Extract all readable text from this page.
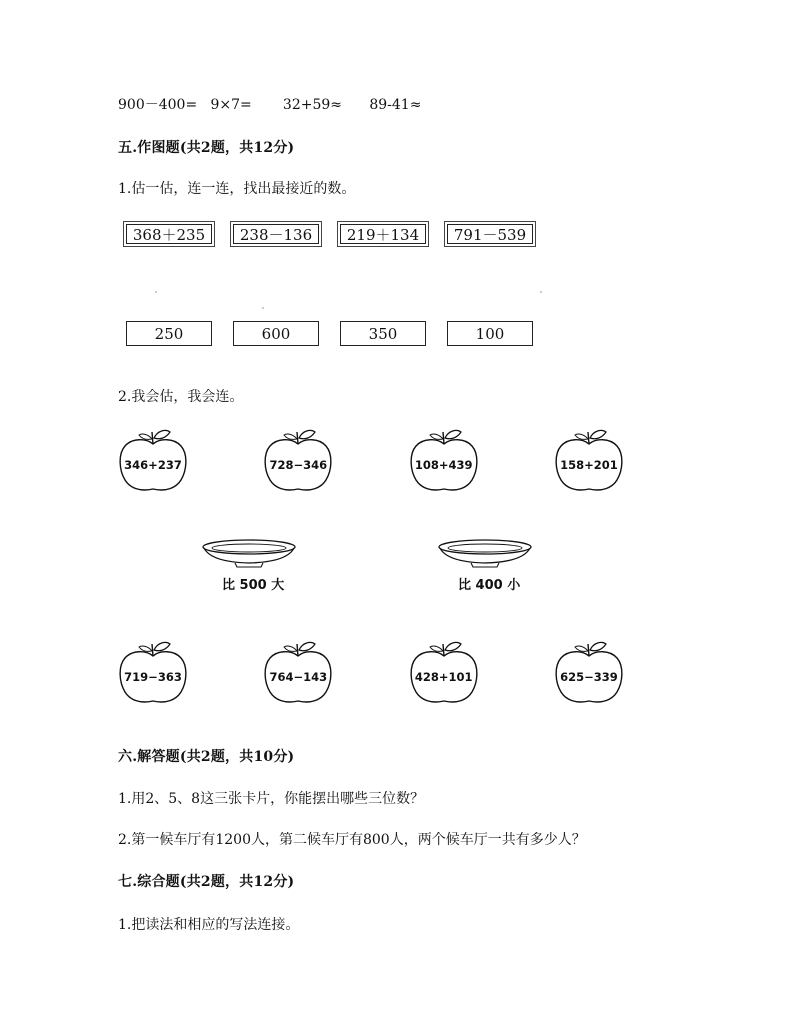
900－400= 9×7= 32+59≈ 89-41≈
五.作图题(共2题，共12分)
1.估一估，连一连，找出最接近的数。
368＋235	238－136	219＋134	791－539
250	600	350	100
2.我会估，我会连。
346+237	728−346	108+439	158+201
比 500 大	比 400 小
719−363	764−143	428+101	625−339
六.解答题(共2题，共10分)
1.用2、5、8这三张卡片，你能摆出哪些三位数？
2.第一候车厅有1200人，第二候车厅有800人，两个候车厅一共有多少人？
七.综合题(共2题，共12分)
1.把读法和相应的写法连接。
